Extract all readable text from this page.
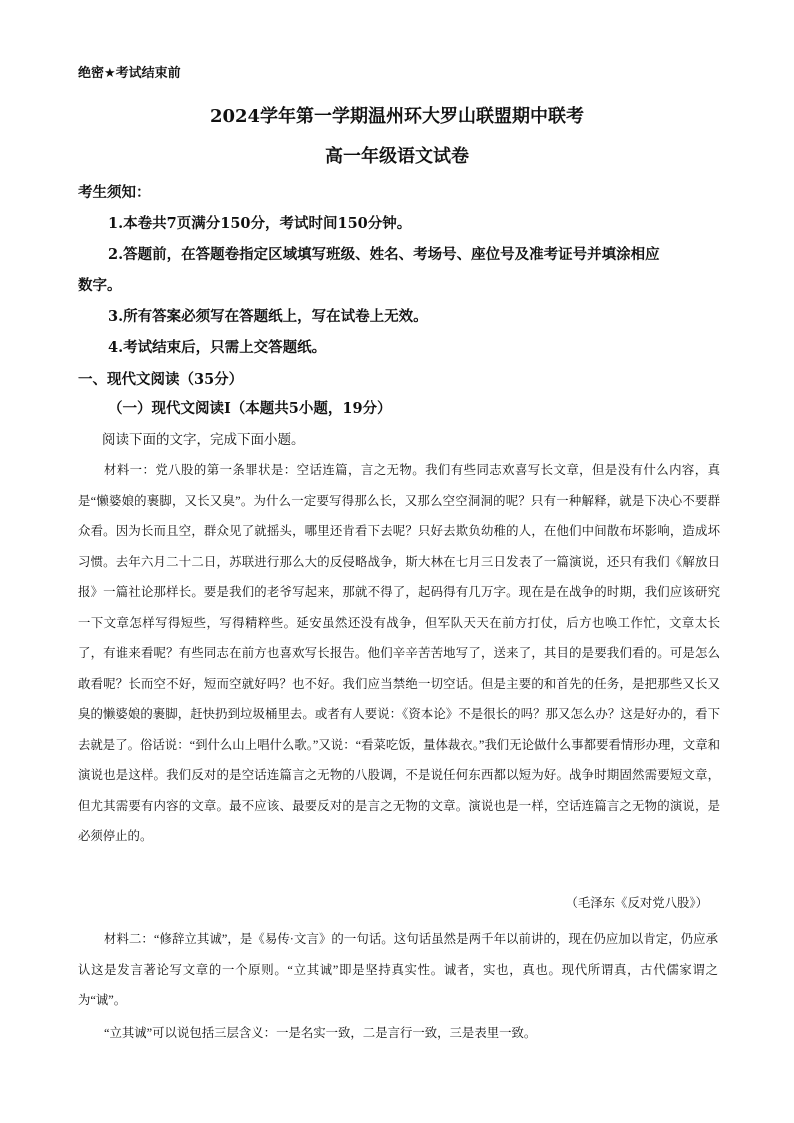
绝密★考试结束前
2024学年第一学期温州环大罗山联盟期中联考
高一年级语文试卷
考生须知：
1.本卷共7页满分150分，考试时间150分钟。
2.答题前，在答题卷指定区域填写班级、姓名、考场号、座位号及准考证号并填涂相应
数字。
3.所有答案必须写在答题纸上，写在试卷上无效。
4.考试结束后，只需上交答题纸。
一、现代文阅读（35分）
（一）现代文阅读Ⅰ（本题共5小题，19分）
阅读下面的文字，完成下面小题。
材料一：党八股的第一条罪状是：空话连篇，言之无物。我们有些同志欢喜写长文章，但是没有什么内容，真是“懒婆娘的裹脚，又长又臭”。为什么一定要写得那么长，又那么空空洞洞的呢？只有一种解释，就是下决心不要群众看。因为长而且空，群众见了就摇头，哪里还肯看下去呢？只好去欺负幼稚的人，在他们中间散布坏影响，造成坏习惯。去年六月二十二日，苏联进行那么大的反侵略战争，斯大林在七月三日发表了一篇演说，还只有我们《解放日报》一篇社论那样长。要是我们的老爷写起来，那就不得了，起码得有几万字。现在是在战争的时期，我们应该研究一下文章怎样写得短些，写得精粹些。延安虽然还没有战争，但军队天天在前方打仗，后方也唤工作忙，文章太长了，有谁来看呢？有些同志在前方也喜欢写长报告。他们辛辛苦苦地写了，送来了，其目的是要我们看的。可是怎么敢看呢？长而空不好，短而空就好吗？也不好。我们应当禁绝一切空话。但是主要的和首先的任务，是把那些又长又臭的懒婆娘的裹脚，赶快扔到垃圾桶里去。或者有人要说：《资本论》不是很长的吗？那又怎么办？这是好办的，看下去就是了。俗话说：“到什么山上唱什么歌。”又说：“看菜吃饭，量体裁衣。”我们无论做什么事都要看情形办理，文章和演说也是这样。我们反对的是空话连篇言之无物的八股调，不是说任何东西都以短为好。战争时期固然需要短文章，但尤其需要有内容的文章。最不应该、最要反对的是言之无物的文章。演说也是一样，空话连篇言之无物的演说，是必须停止的。
（毛泽东《反对党八股》）
材料二：“修辞立其诚”，是《易传·文言》的一句话。这句话虽然是两千年以前讲的，现在仍应加以肯定，仍应承认这是发言著论写文章的一个原则。“立其诚”即是坚持真实性。诚者，实也，真也。现代所谓真，古代儒家谓之为“诚”。
“立其诚”可以说包括三层含义：一是名实一致，二是言行一致，三是表里一致。
